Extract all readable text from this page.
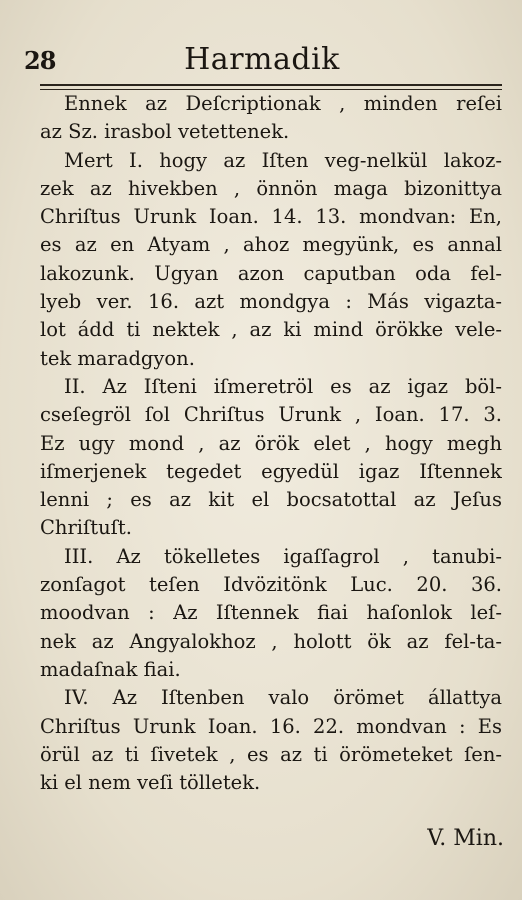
28	Harmadik
Ennek az Deſcriptionak , minden reſei
az Sz. irasbol vetettenek.
Mert I. hogy az Iſten veg-nelkül lakoz-
zek az hivekben , önnön maga bizonittya
Chriſtus Urunk Ioan. 14. 13. mondvan: En,
es az en Atyam , ahoz megyünk, es annal
lakozunk. Ugyan azon caputban oda fel-
lyeb ver. 16. azt mondgya : Más vigazta-
lot ádd ti nektek , az ki mind örökke vele-
tek maradgyon.
II. Az Iſteni iſmeretröl es az igaz böl-
cseſegröl ſol Chriſtus Urunk , Ioan. 17. 3.
Ez ugy mond , az örök elet , hogy megh
iſmerjenek tegedet egyedül igaz Iſtennek
lenni ; es az kit el bocsatottal az Jeſus
Chriſtuſt.
III. Az tökelletes igaſſagrol , tanubi-
zonſagot teſen Idvözitönk Luc. 20. 36.
moodvan : Az Iſtennek fiai haſonlok leſ-
nek az Angyalokhoz , holott ök az fel-ta-
madaſnak fiai.
IV. Az Iſtenben valo örömet állattya
Chriſtus Urunk Ioan. 16. 22. mondvan : Es
örül az ti ſivetek , es az ti örömeteket ſen-
ki el nem veſi tölletek.
V. Min.
